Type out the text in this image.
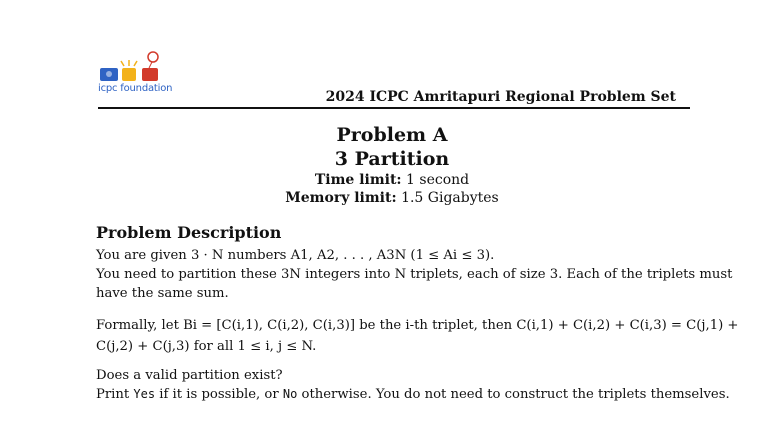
icpc foundation
2024 ICPC Amritapuri Regional Problem Set
Problem A
3 Partition
Time limit: 1 second
Memory limit: 1.5 Gigabytes
Problem Description
You are given 3 · N numbers A1, A2, . . . , A3N (1 ≤ Ai ≤ 3).
You need to partition these 3N integers into N triplets, each of size 3. Each of the triplets must
have the same sum.
Formally, let Bi = [C(i,1), C(i,2), C(i,3)] be the i-th triplet, then C(i,1) + C(i,2) + C(i,3) = C(j,1) +
C(j,2) + C(j,3) for all 1 ≤ i, j ≤ N.
Does a valid partition exist?
Print Yes if it is possible, or No otherwise. You do not need to construct the triplets themselves.
